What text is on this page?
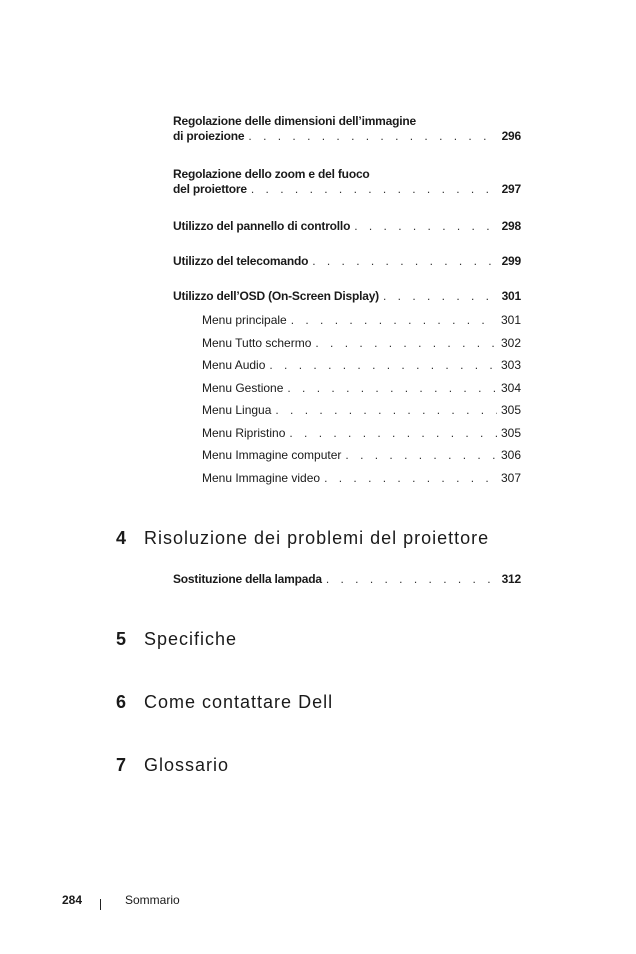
Regolazione delle dimensioni dell’immagine
di proiezione . . .	296
Regolazione dello zoom e del fuoco
del proiettore . . .	297
Utilizzo del pannello di controllo . . .	298
Utilizzo del telecomando . . .	299
Utilizzo dell’OSD (On-Screen Display) . . .	301
Menu principale . . .	301
Menu Tutto schermo . . .	302
Menu Audio . . .	303
Menu Gestione . . .	304
Menu Lingua . . .	305
Menu Ripristino . . .	305
Menu Immagine computer . . .	306
Menu Immagine video . . .	307
4 Risoluzione dei problemi del proiettore
Sostituzione della lampada . . .	312
5 Specifiche
6 Come contattare Dell
7 Glossario
284	Sommario
